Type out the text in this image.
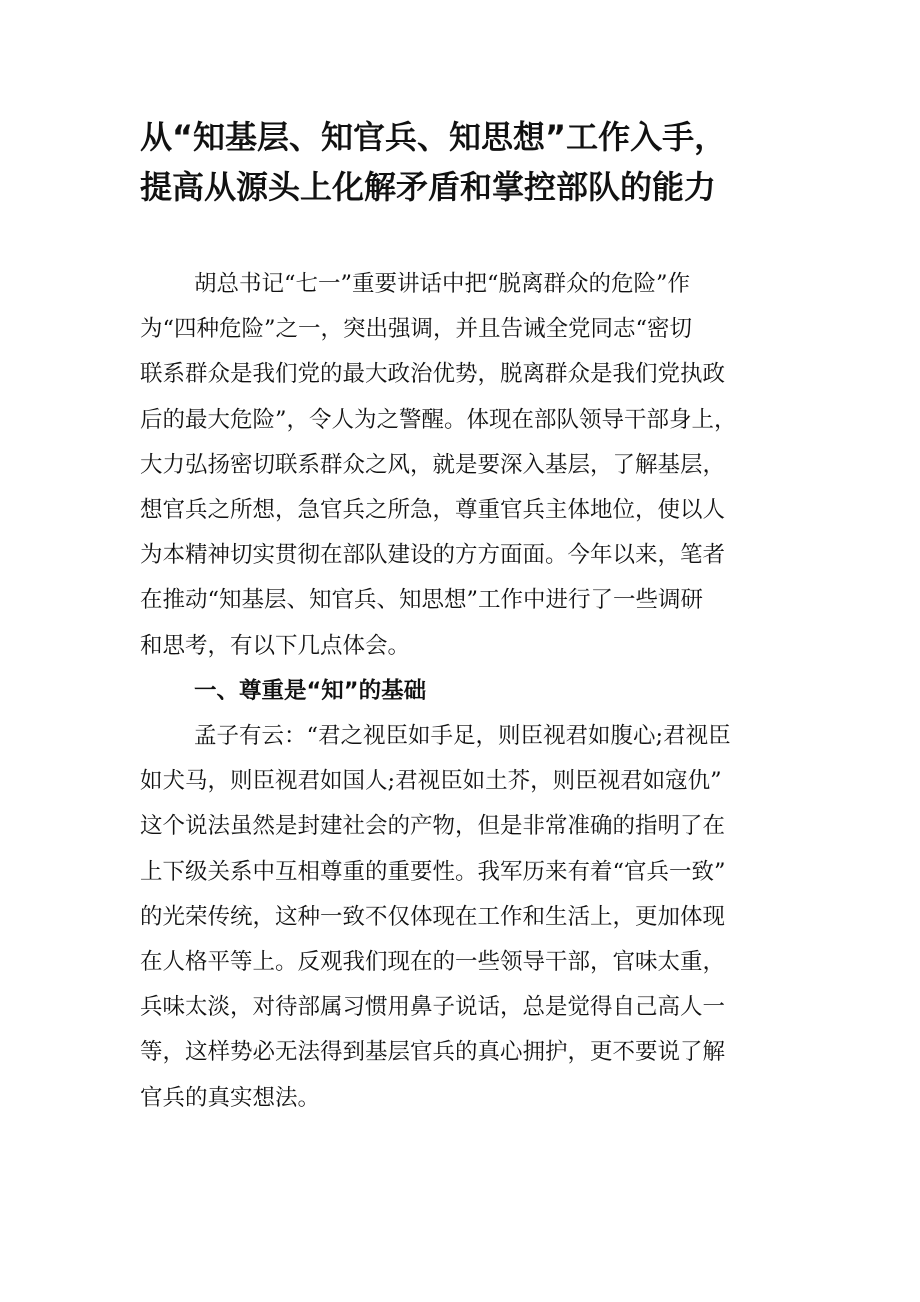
从“知基层、知官兵、知思想”工作入手，
提高从源头上化解矛盾和掌控部队的能力
胡总书记“七一”重要讲话中把“脱离群众的危险”作
为“四种危险”之一，突出强调，并且告诫全党同志“密切
联系群众是我们党的最大政治优势，脱离群众是我们党执政
后的最大危险”，令人为之警醒。体现在部队领导干部身上，
大力弘扬密切联系群众之风，就是要深入基层，了解基层，
想官兵之所想，急官兵之所急，尊重官兵主体地位，使以人
为本精神切实贯彻在部队建设的方方面面。今年以来，笔者
在推动“知基层、知官兵、知思想”工作中进行了一些调研
和思考，有以下几点体会。
一、尊重是“知”的基础
孟子有云：“君之视臣如手足，则臣视君如腹心;君视臣
如犬马，则臣视君如国人;君视臣如土芥，则臣视君如寇仇”
这个说法虽然是封建社会的产物，但是非常准确的指明了在
上下级关系中互相尊重的重要性。我军历来有着“官兵一致”
的光荣传统，这种一致不仅体现在工作和生活上，更加体现
在人格平等上。反观我们现在的一些领导干部，官味太重，
兵味太淡，对待部属习惯用鼻子说话，总是觉得自己高人一
等，这样势必无法得到基层官兵的真心拥护，更不要说了解
官兵的真实想法。
